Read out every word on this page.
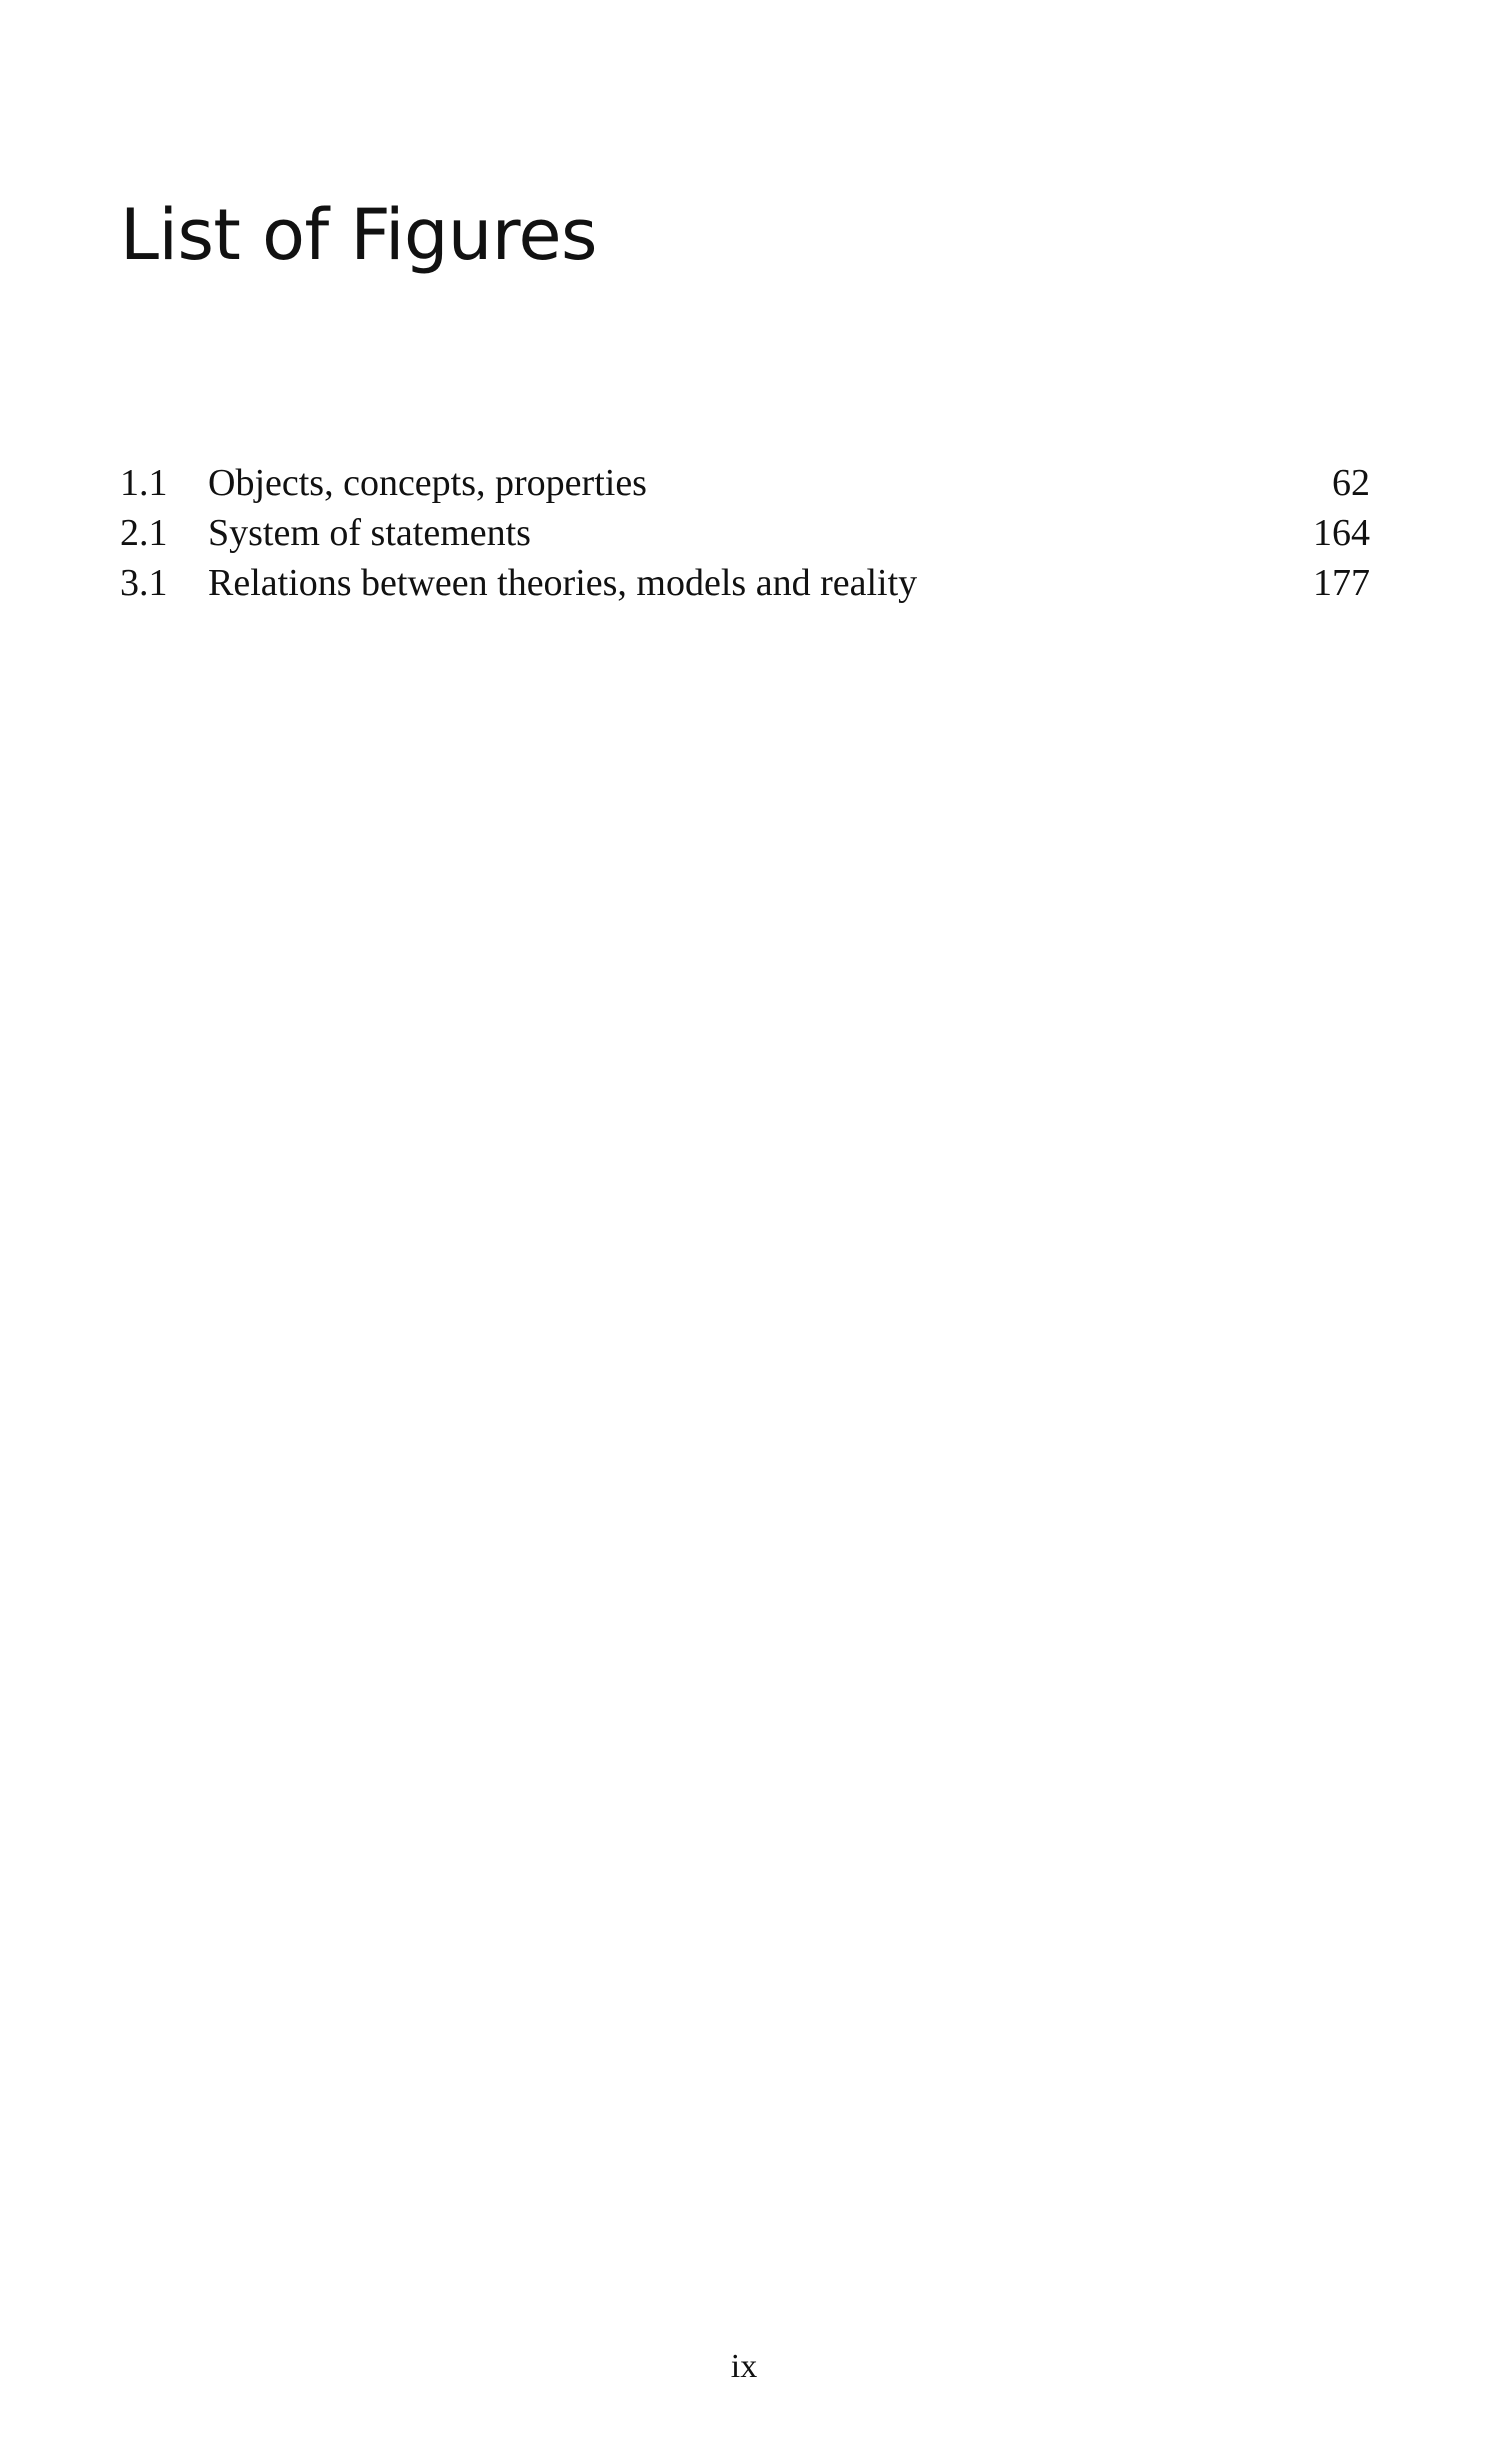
List of Figures
1.1	Objects, concepts, properties	62
2.1	System of statements	164
3.1	Relations between theories, models and reality	177
ix
